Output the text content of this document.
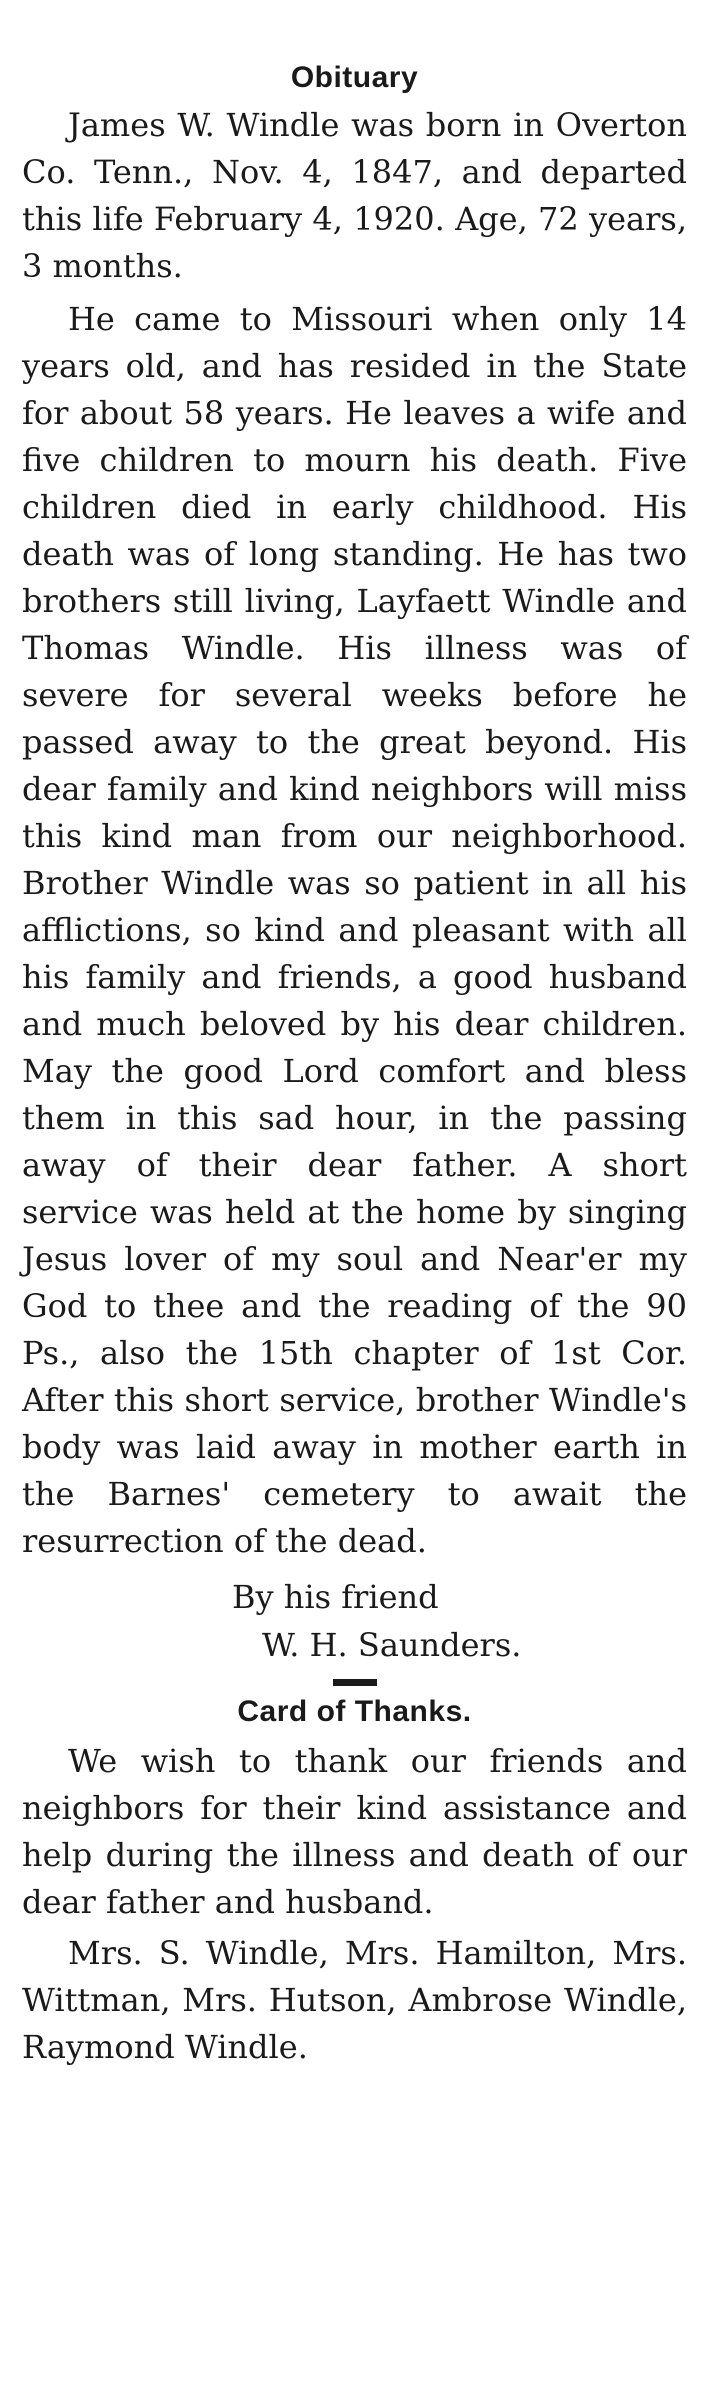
Obituary

James W. Windle was born in Overton Co. Tenn., Nov. 4, 1847, and departed this life February 4, 1920. Age, 72 years, 3 months.

He came to Missouri when only 14 years old, and has resided in the State for about 58 years. He leaves a wife and five children to mourn his death. Five children died in early childhood. His death was of long standing. He has two brothers still living, Layfaett Windle and Thomas Windle. His illness was of severe for several weeks before he passed away to the great beyond. His dear family and kind neighbors will miss this kind man from our neighborhood. Brother Windle was so patient in all his afflictions, so kind and pleasant with all his family and friends, a good husband and much beloved by his dear children. May the good Lord comfort and bless them in this sad hour, in the passing away of their dear father. A short service was held at the home by singing Jesus lover of my soul and Near'er my God to thee and the reading of the 90 Ps., also the 15th chapter of 1st Cor. After this short service, brother Windle's body was laid away in mother earth in the Barnes' cemetery to await the resurrection of the dead.

By his friend

W. H. Saunders.

Card of Thanks.

We wish to thank our friends and neighbors for their kind assistance and help during the illness and death of our dear father and husband.

Mrs. S. Windle, Mrs. Hamilton, Mrs. Wittman, Mrs. Hutson, Ambrose Windle, Raymond Windle.
